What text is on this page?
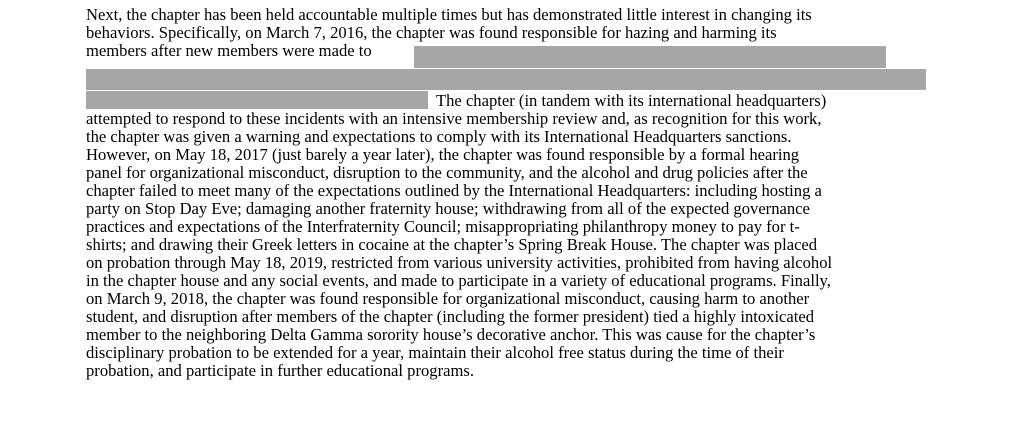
Next, the chapter has been held accountable multiple times but has demonstrated little interest in changing its
behaviors. Specifically, on March 7, 2016, the chapter was found responsible for hazing and harming its
members after new members were made to
The chapter (in tandem with its international headquarters)
attempted to respond to these incidents with an intensive membership review and, as recognition for this work,
the chapter was given a warning and expectations to comply with its International Headquarters sanctions.
However, on May 18, 2017 (just barely a year later), the chapter was found responsible by a formal hearing
panel for organizational misconduct, disruption to the community, and the alcohol and drug policies after the
chapter failed to meet many of the expectations outlined by the International Headquarters: including hosting a
party on Stop Day Eve; damaging another fraternity house; withdrawing from all of the expected governance
practices and expectations of the Interfraternity Council; misappropriating philanthropy money to pay for t-
shirts; and drawing their Greek letters in cocaine at the chapter’s Spring Break House. The chapter was placed
on probation through May 18, 2019, restricted from various university activities, prohibited from having alcohol
in the chapter house and any social events, and made to participate in a variety of educational programs. Finally,
on March 9, 2018, the chapter was found responsible for organizational misconduct, causing harm to another
student, and disruption after members of the chapter (including the former president) tied a highly intoxicated
member to the neighboring Delta Gamma sorority house’s decorative anchor. This was cause for the chapter’s
disciplinary probation to be extended for a year, maintain their alcohol free status during the time of their
probation, and participate in further educational programs.
